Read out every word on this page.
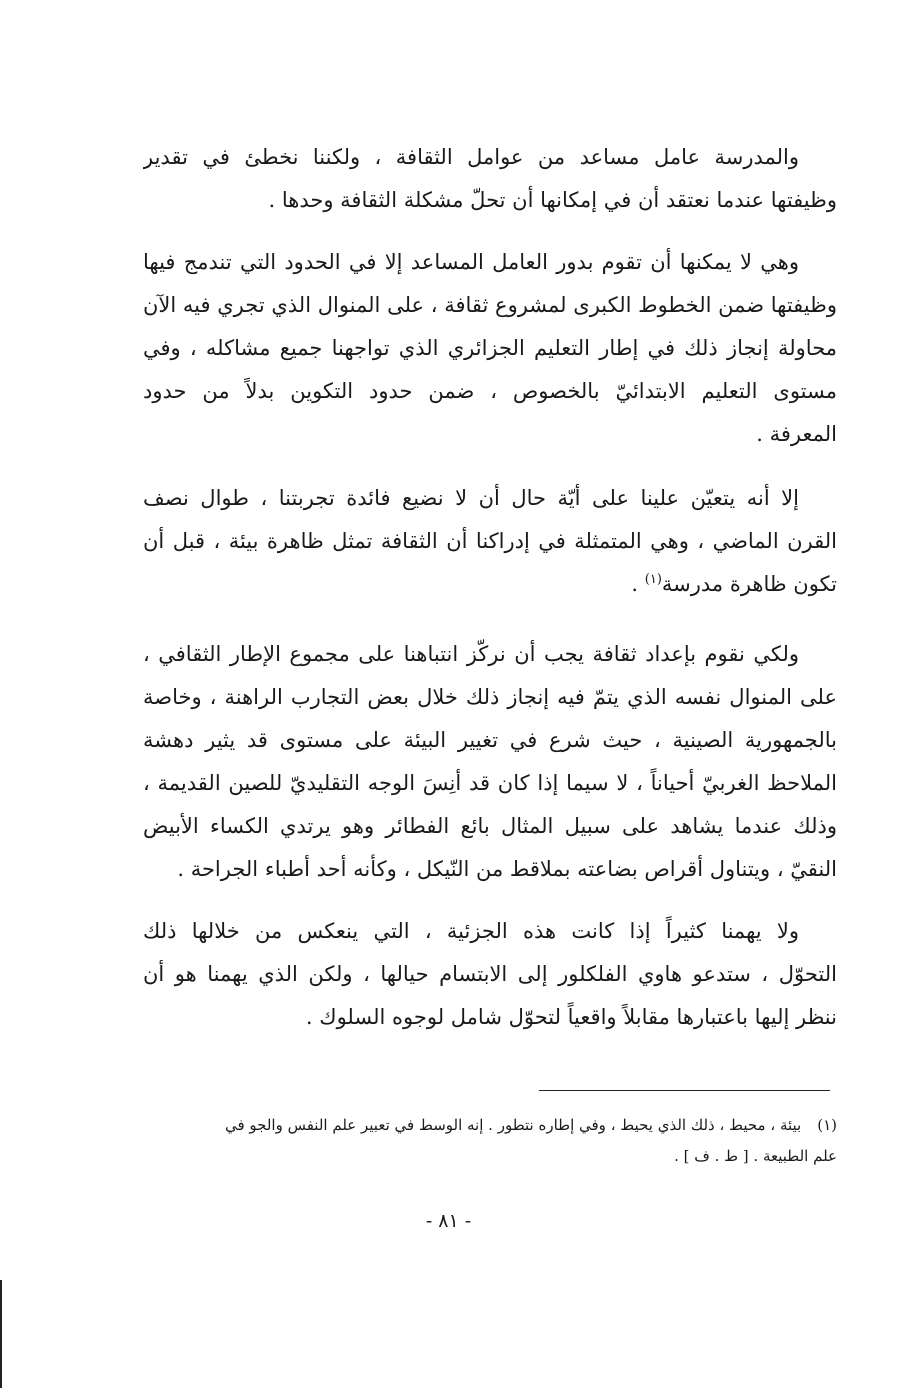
والمدرسة عامل مساعد من عوامل الثقافة ، ولكننا نخطئ في تقدير
وظيفتها عندما نعتقد أن في إمكانها أن تحلّ مشكلة الثقافة وحدها .
وهي لا يمكنها أن تقوم بدور العامل المساعد إلا في الحدود التي تندمج فيها
وظيفتها ضمن الخطوط الكبرى لمشروع ثقافة ، على المنوال الذي تجري فيه الآن
محاولة إنجاز ذلك في إطار التعليم الجزائري الذي تواجهنا جميع مشاكله ، وفي
مستوى التعليم الابتدائيّ بالخصوص ، ضمن حدود التكوين بدلاً من حدود
المعرفة .
إلا أنه يتعيّن علينا على أيّة حال أن لا نضيع فائدة تجربتنا ، طوال نصف
القرن الماضي ، وهي المتمثلة في إدراكنا أن الثقافة تمثل ظاهرة بيئة ، قبل أن
تكون ظاهرة مدرسة$^{(١)}$ .
ولكي نقوم بإعداد ثقافة يجب أن نركّز انتباهنا على مجموع الإطار الثقافي ،
على المنوال نفسه الذي يتمّ فيه إنجاز ذلك خلال بعض التجارب الراهنة ، وخاصة
بالجمهورية الصينية ، حيث شرع في تغيير البيئة على مستوى قد يثير دهشة
الملاحظ الغربيّ أحياناً ، لا سيما إذا كان قد أنِسَ الوجه التقليديّ للصين القديمة ،
وذلك عندما يشاهد على سبيل المثال بائع الفطائر وهو يرتدي الكساء الأبيض
النقيّ ، ويتناول أقراص بضاعته بملاقط من النّيكل ، وكأنه أحد أطباء الجراحة .
ولا يهمنا كثيراً إذا كانت هذه الجزئية ، التي ينعكس من خلالها ذلك
التحوّل ، ستدعو هاوي الفلكلور إلى الابتسام حيالها ، ولكن الذي يهمنا هو أن
ننظر إليها باعتبارها مقابلاً واقعياً لتحوّل شامل لوجوه السلوك .
(١)بيئة ، محيط ، ذلك الذي يحيط ، وفي إطاره نتطور . إنه الوسط في تعبير علم النفس والجو في
علم الطبيعة . [ ط . ف ] .
- ٨١ -
